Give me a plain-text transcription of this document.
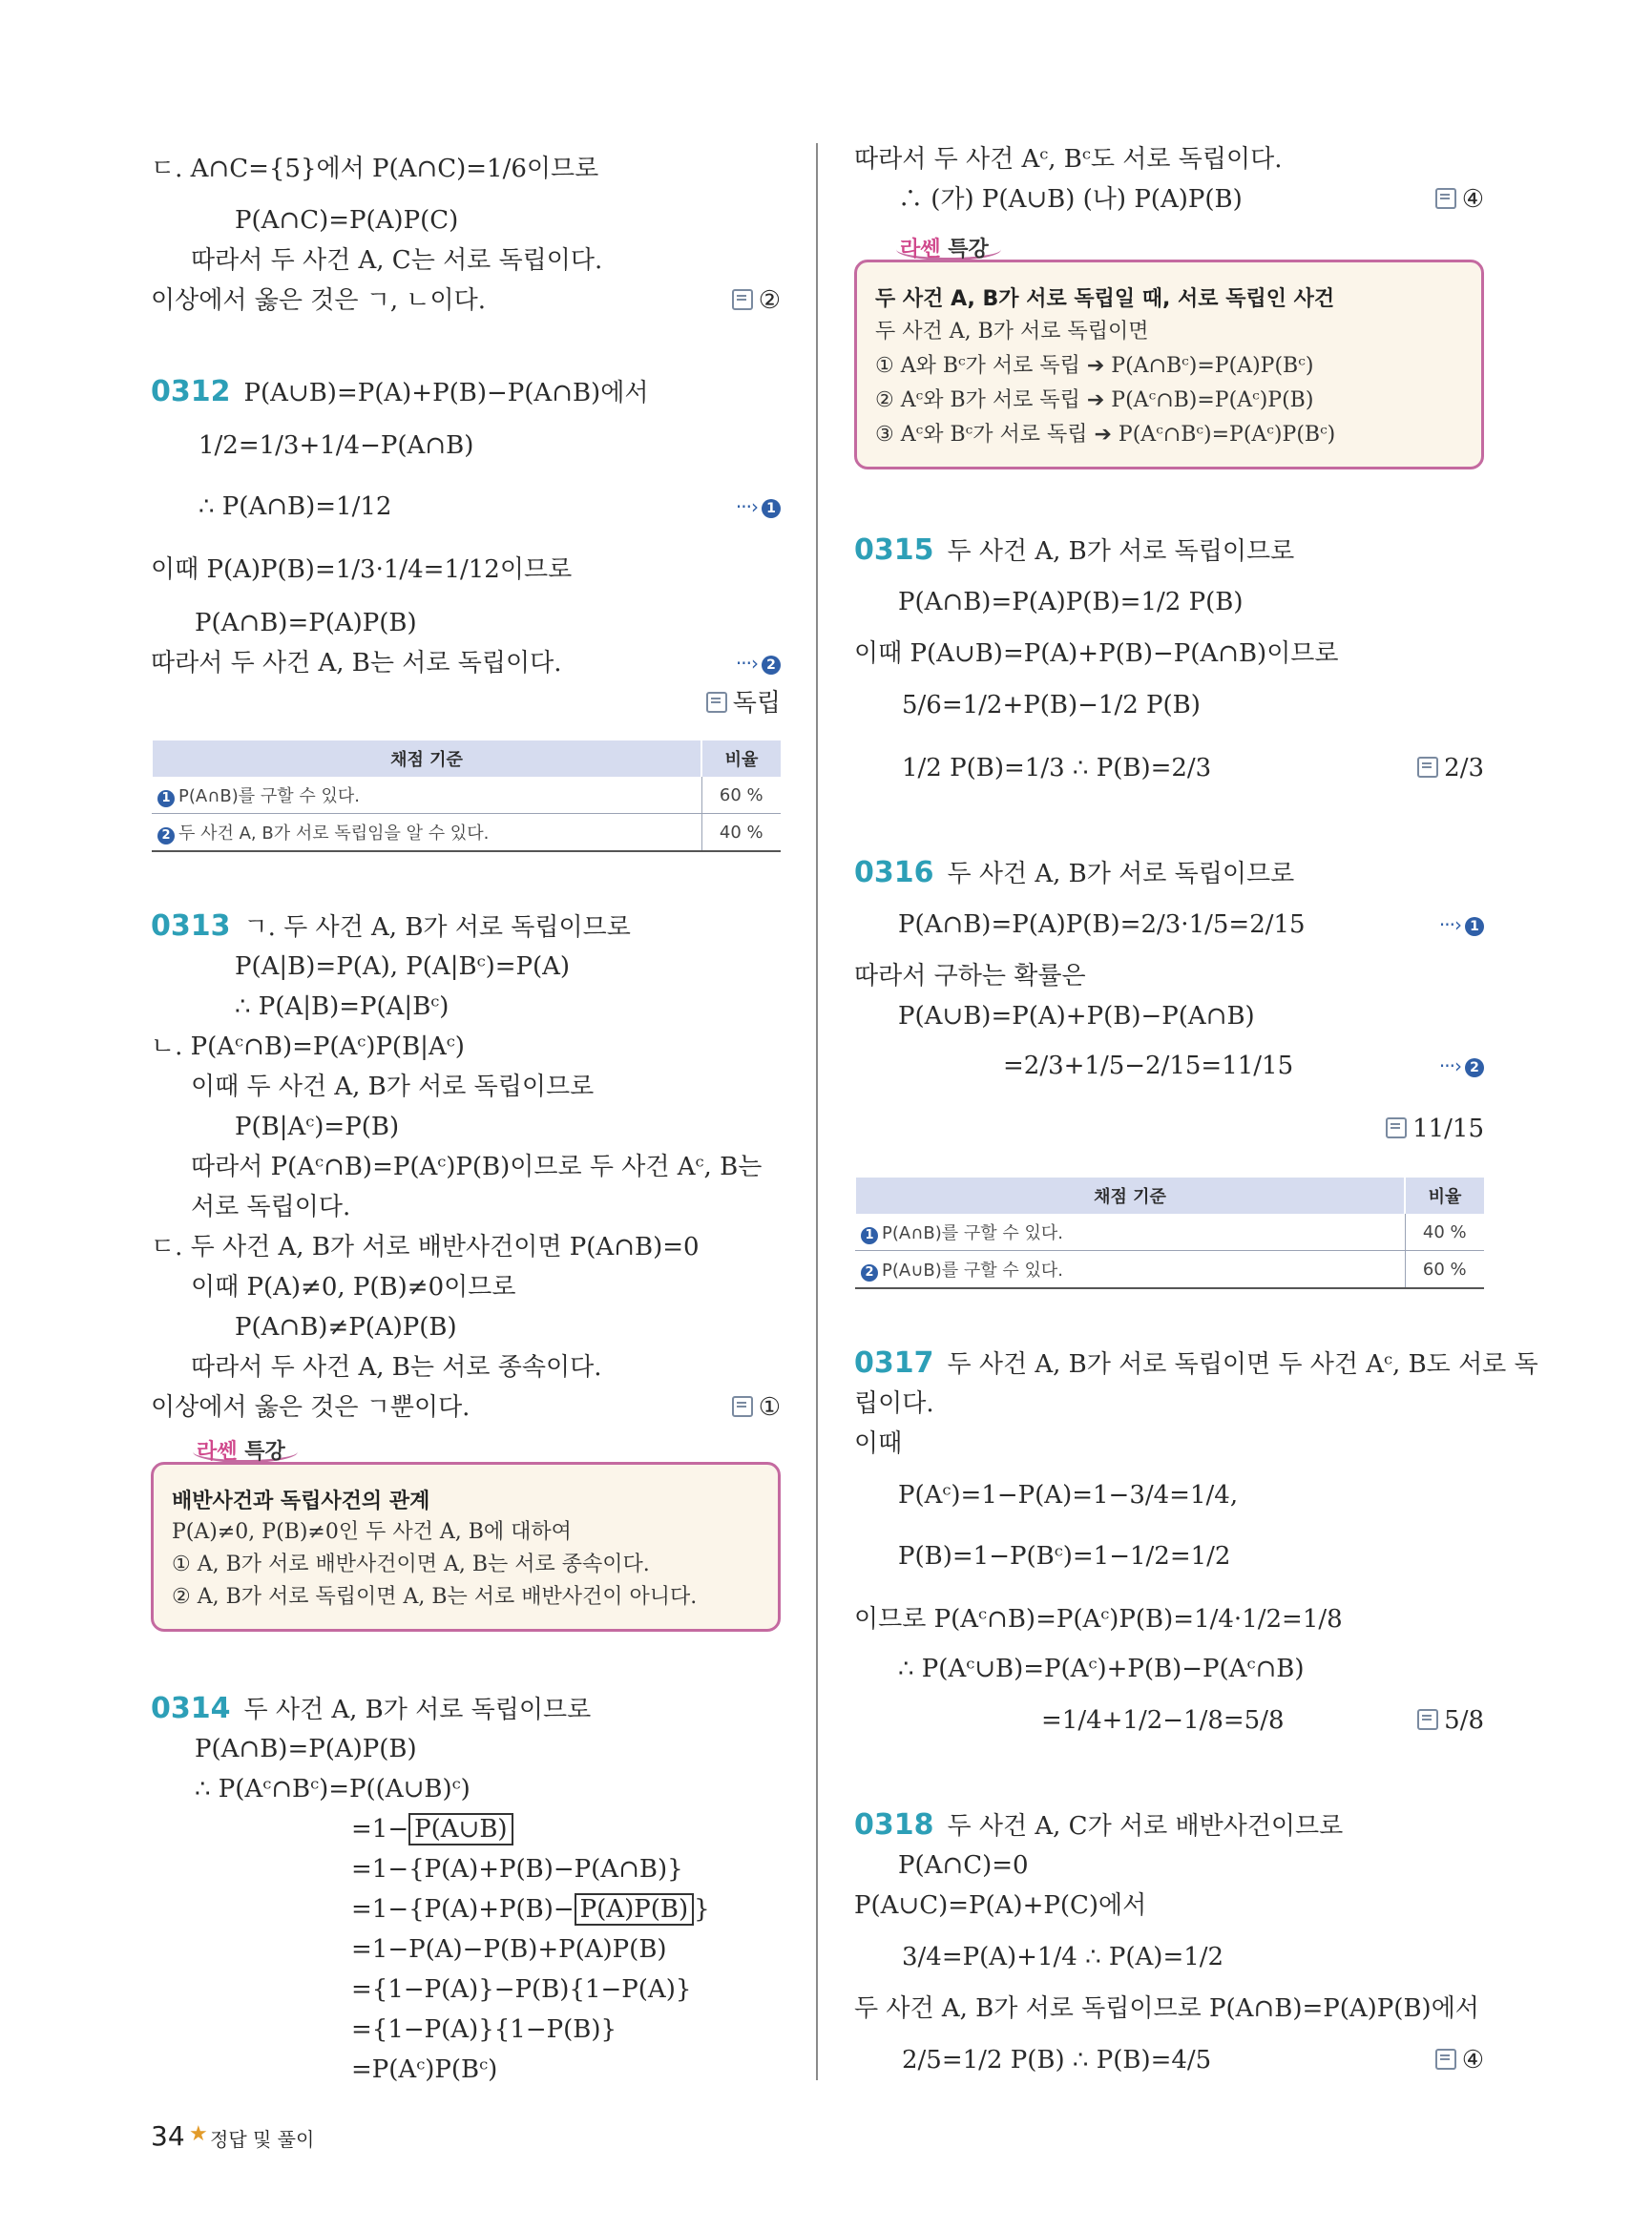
ㄷ. A∩C={5}에서 P(A∩C)=1/6이므로
P(A∩C)=P(A)P(C)
따라서 두 사건 A, C는 서로 독립이다.
이상에서 옳은 것은 ㄱ, ㄴ이다.	②
0312 P(A∪B)=P(A)+P(B)−P(A∩B)에서
1/2=1/3+1/4−P(A∩B)
∴ P(A∩B)=1/12	···› 1
이때 P(A)P(B)=1/3·1/4=1/12이므로
P(A∩B)=P(A)P(B)
따라서 두 사건 A, B는 서로 독립이다.	···› 2
독립
채점 기준	비율
1 P(A∩B)를 구할 수 있다.	60 %
2 두 사건 A, B가 서로 독립임을 알 수 있다.	40 %
0313 ㄱ. 두 사건 A, B가 서로 독립이므로
P(A|B)=P(A), P(A|Bᶜ)=P(A)
∴ P(A|B)=P(A|Bᶜ)
ㄴ. P(Aᶜ∩B)=P(Aᶜ)P(B|Aᶜ)
이때 두 사건 A, B가 서로 독립이므로
P(B|Aᶜ)=P(B)
따라서 P(Aᶜ∩B)=P(Aᶜ)P(B)이므로 두 사건 Aᶜ, B는
서로 독립이다.
ㄷ. 두 사건 A, B가 서로 배반사건이면 P(A∩B)=0
이때 P(A)≠0, P(B)≠0이므로
P(A∩B)≠P(A)P(B)
따라서 두 사건 A, B는 서로 종속이다.
이상에서 옳은 것은 ㄱ뿐이다.	①
라쎈 특강
배반사건과 독립사건의 관계
P(A)≠0, P(B)≠0인 두 사건 A, B에 대하여
① A, B가 서로 배반사건이면 A, B는 서로 종속이다.
② A, B가 서로 독립이면 A, B는 서로 배반사건이 아니다.
0314 두 사건 A, B가 서로 독립이므로
P(A∩B)=P(A)P(B)
∴ P(Aᶜ∩Bᶜ)=P((A∪B)ᶜ)
=1− P(A∪B)
=1−{P(A)+P(B)−P(A∩B)}
=1−{P(A)+P(B)− P(A)P(B) }
=1−P(A)−P(B)+P(A)P(B)
={1−P(A)}−P(B){1−P(A)}
={1−P(A)}{1−P(B)}
=P(Aᶜ)P(Bᶜ)
따라서 두 사건 Aᶜ, Bᶜ도 서로 독립이다.
∴ (가) P(A∪B) (나) P(A)P(B)	④
라쎈 특강
두 사건 A, B가 서로 독립일 때, 서로 독립인 사건
두 사건 A, B가 서로 독립이면
① A와 Bᶜ가 서로 독립 ➔ P(A∩Bᶜ)=P(A)P(Bᶜ)
② Aᶜ와 B가 서로 독립 ➔ P(Aᶜ∩B)=P(Aᶜ)P(B)
③ Aᶜ와 Bᶜ가 서로 독립 ➔ P(Aᶜ∩Bᶜ)=P(Aᶜ)P(Bᶜ)
0315 두 사건 A, B가 서로 독립이므로
P(A∩B)=P(A)P(B)=1/2 P(B)
이때 P(A∪B)=P(A)+P(B)−P(A∩B)이므로
5/6=1/2+P(B)−1/2 P(B)
1/2 P(B)=1/3 ∴ P(B)=2/3	2/3
0316 두 사건 A, B가 서로 독립이므로
P(A∩B)=P(A)P(B)=2/3·1/5=2/15	···› 1
따라서 구하는 확률은
P(A∪B)=P(A)+P(B)−P(A∩B)
=2/3+1/5−2/15=11/15	···› 2
11/15
채점 기준	비율
1 P(A∩B)를 구할 수 있다.	40 %
2 P(A∪B)를 구할 수 있다.	60 %
0317 두 사건 A, B가 서로 독립이면 두 사건 Aᶜ, B도 서로 독
립이다.
이때
P(Aᶜ)=1−P(A)=1−3/4=1/4,
P(B)=1−P(Bᶜ)=1−1/2=1/2
이므로 P(Aᶜ∩B)=P(Aᶜ)P(B)=1/4·1/2=1/8
∴ P(Aᶜ∪B)=P(Aᶜ)+P(B)−P(Aᶜ∩B)
=1/4+1/2−1/8=5/8	5/8
0318 두 사건 A, C가 서로 배반사건이므로
P(A∩C)=0
P(A∪C)=P(A)+P(C)에서
3/4=P(A)+1/4 ∴ P(A)=1/2
두 사건 A, B가 서로 독립이므로 P(A∩B)=P(A)P(B)에서
2/5=1/2 P(B) ∴ P(B)=4/5	④
34 ★ 정답 및 풀이
